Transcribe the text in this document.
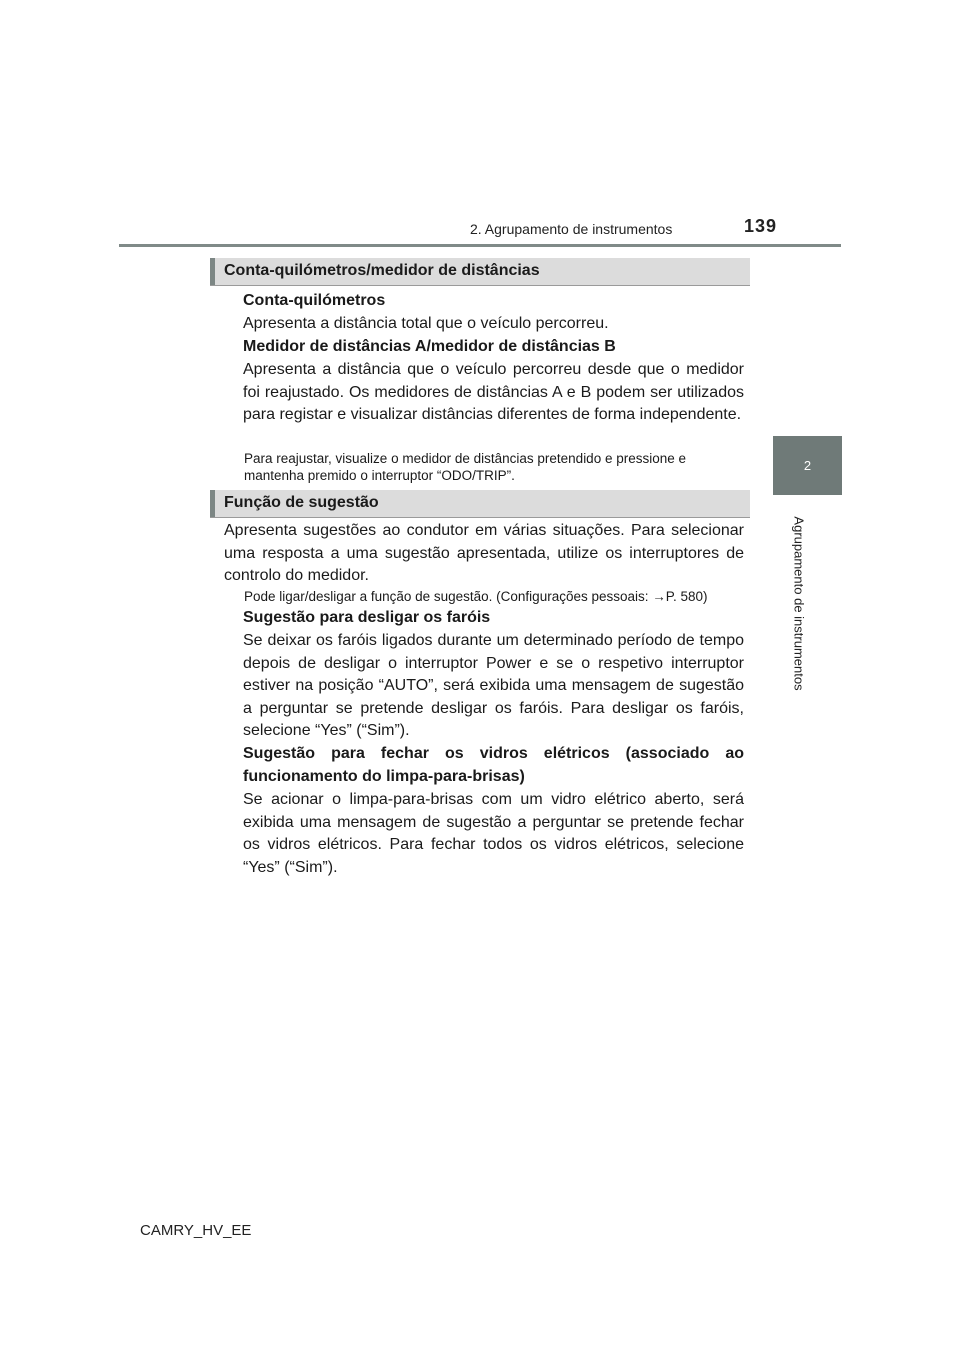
2. Agrupamento de instrumentos	139
2
Agrupamento de instrumentos
Conta-quilómetros/medidor de distâncias
Conta-quilómetros
Apresenta a distância total que o veículo percorreu.
Medidor de distâncias A/medidor de distâncias B
Apresenta a distância que o veículo percorreu desde que o medidor foi reajustado. Os medidores de distâncias A e B podem ser utilizados para registar e visualizar distâncias diferentes de forma independente.
Para reajustar, visualize o medidor de distâncias pretendido e pressione e mantenha premido o interruptor “ODO/TRIP”.
Função de sugestão
Apresenta sugestões ao condutor em várias situações. Para selecionar uma resposta a uma sugestão apresentada, utilize os interruptores de controlo do medidor.
Pode ligar/desligar a função de sugestão. (Configurações pessoais: →P. 580)
Sugestão para desligar os faróis
Se deixar os faróis ligados durante um determinado período de tempo depois de desligar o interruptor Power e se o respetivo interruptor estiver na posição “AUTO”, será exibida uma mensagem de sugestão a perguntar se pretende desligar os faróis. Para desligar os faróis, selecione “Yes” (“Sim”).
Sugestão para fechar os vidros elétricos (associado ao funcionamento do limpa-para-brisas)
Se acionar o limpa-para-brisas com um vidro elétrico aberto, será exibida uma mensagem de sugestão a perguntar se pretende fechar os vidros elétricos. Para fechar todos os vidros elétricos, selecione “Yes” (“Sim”).
CAMRY_HV_EE
